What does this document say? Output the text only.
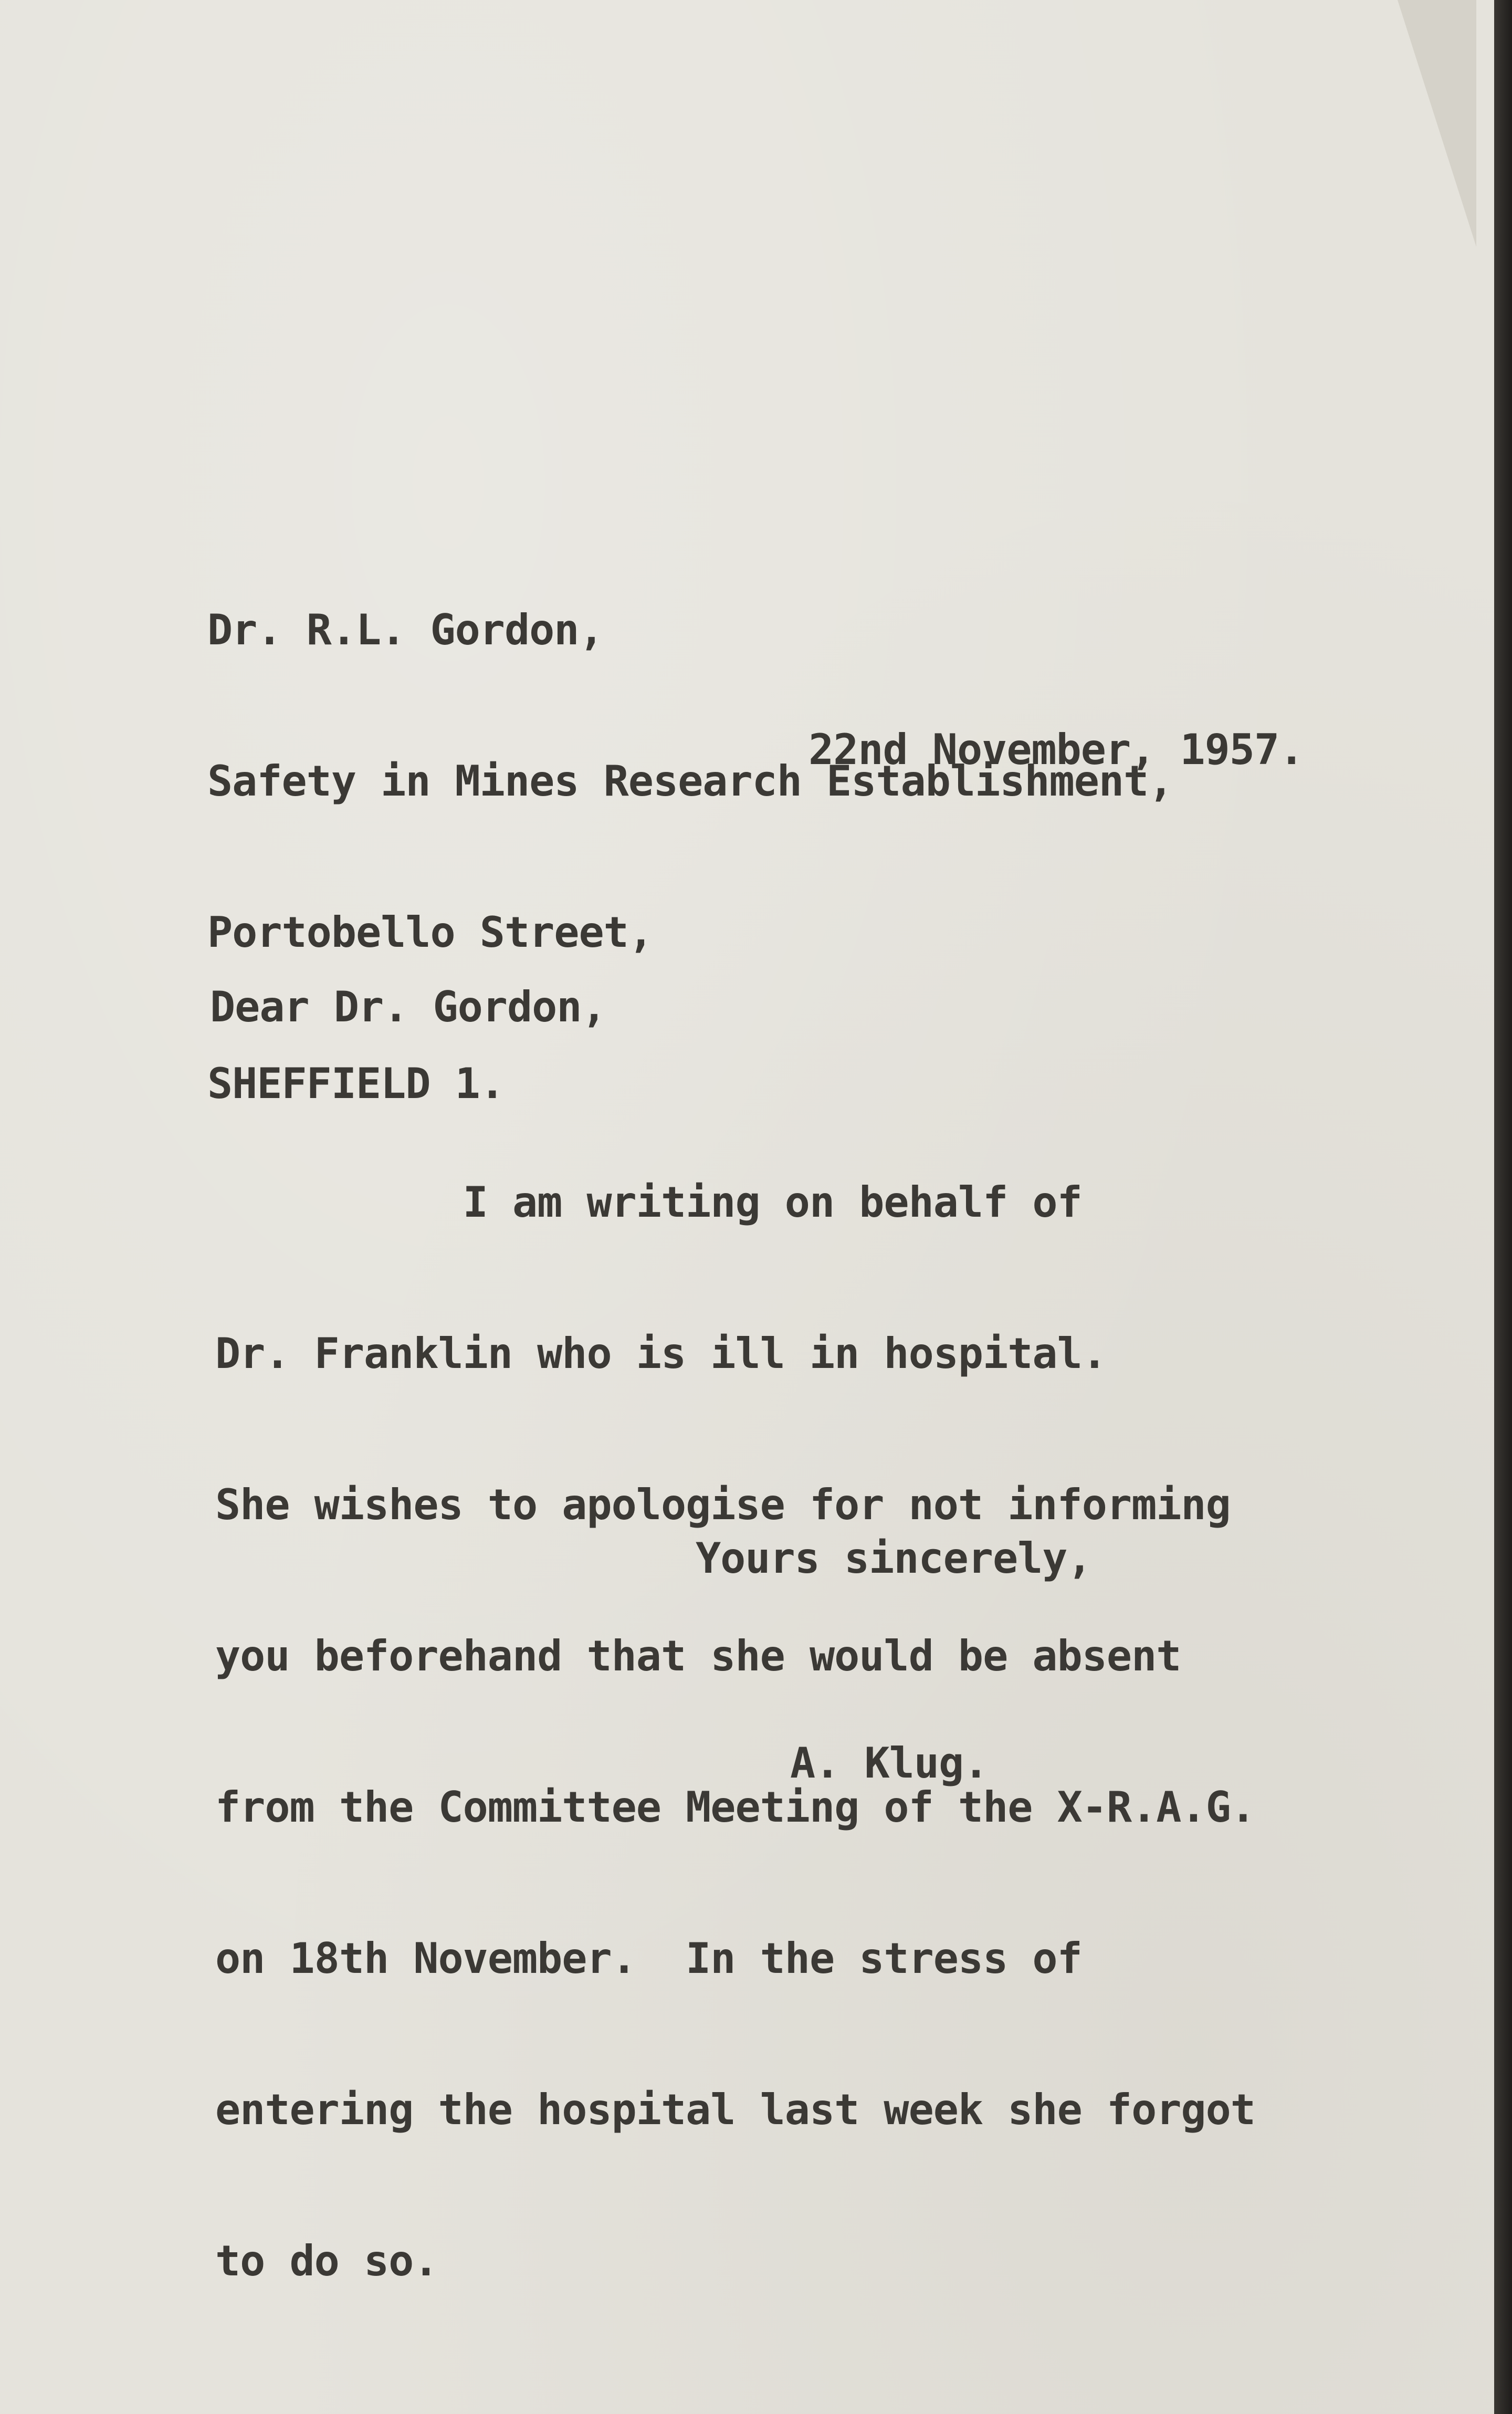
Dr. R.L. Gordon,

Safety in Mines Research Establishment,

Portobello Street,

SHEFFIELD 1.

22nd November, 1957.
Dear Dr. Gordon,

I am writing on behalf of

Dr. Franklin who is ill in hospital.

She wishes to apologise for not informing

you beforehand that she would be absent

from the Committee Meeting of the X-R.A.G.

on 18th November.  In the stress of

entering the hospital last week she forgot

to do so.

Yours sincerely,
A. Klug.
